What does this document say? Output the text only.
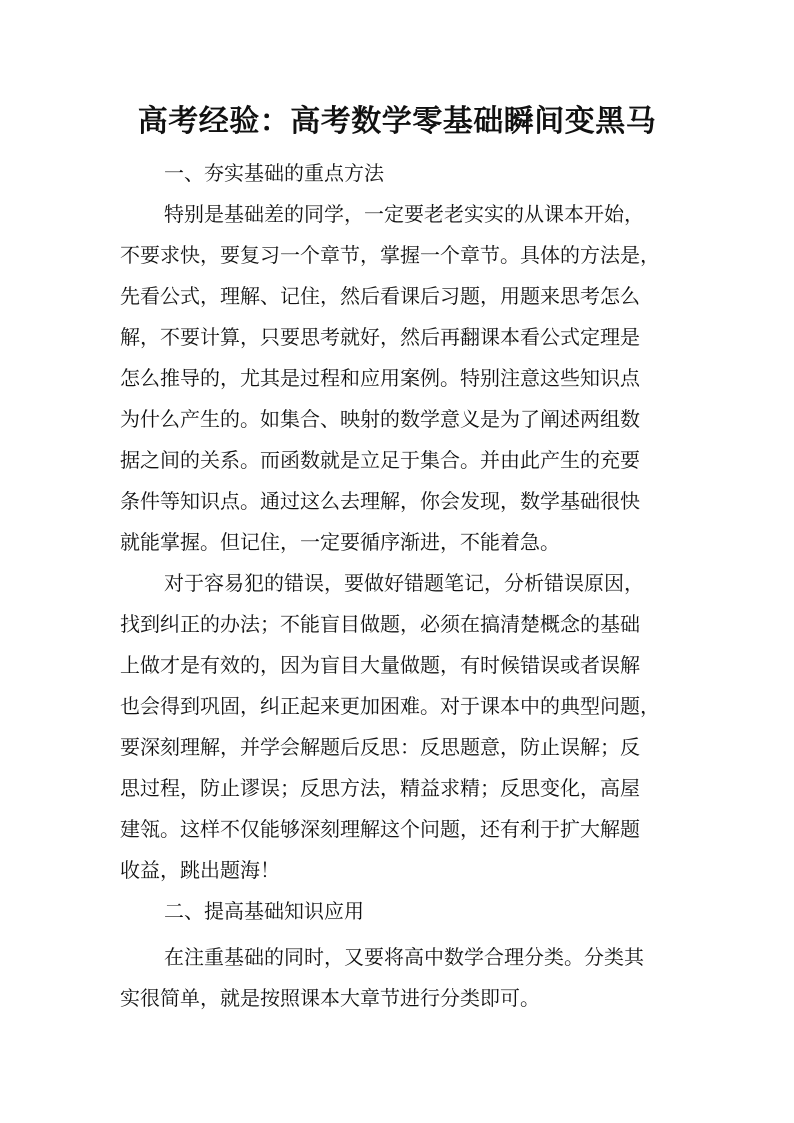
高考经验：高考数学零基础瞬间变黑马

一、夯实基础的重点方法

特别是基础差的同学，一定要老老实实的从课本开始，

不要求快，要复习一个章节，掌握一个章节。具体的方法是，

先看公式，理解、记住，然后看课后习题，用题来思考怎么

解，不要计算，只要思考就好，然后再翻课本看公式定理是

怎么推导的，尤其是过程和应用案例。特别注意这些知识点

为什么产生的。如集合、映射的数学意义是为了阐述两组数

据之间的关系。而函数就是立足于集合。并由此产生的充要

条件等知识点。通过这么去理解，你会发现，数学基础很快

就能掌握。但记住，一定要循序渐进，不能着急。

对于容易犯的错误，要做好错题笔记，分析错误原因，

找到纠正的办法；不能盲目做题，必须在搞清楚概念的基础

上做才是有效的，因为盲目大量做题，有时候错误或者误解

也会得到巩固，纠正起来更加困难。对于课本中的典型问题，

要深刻理解，并学会解题后反思：反思题意，防止误解；反

思过程，防止谬误；反思方法，精益求精；反思变化，高屋

建瓴。这样不仅能够深刻理解这个问题，还有利于扩大解题

收益，跳出题海！

二、提高基础知识应用

在注重基础的同时，又要将高中数学合理分类。分类其

实很简单，就是按照课本大章节进行分类即可。
